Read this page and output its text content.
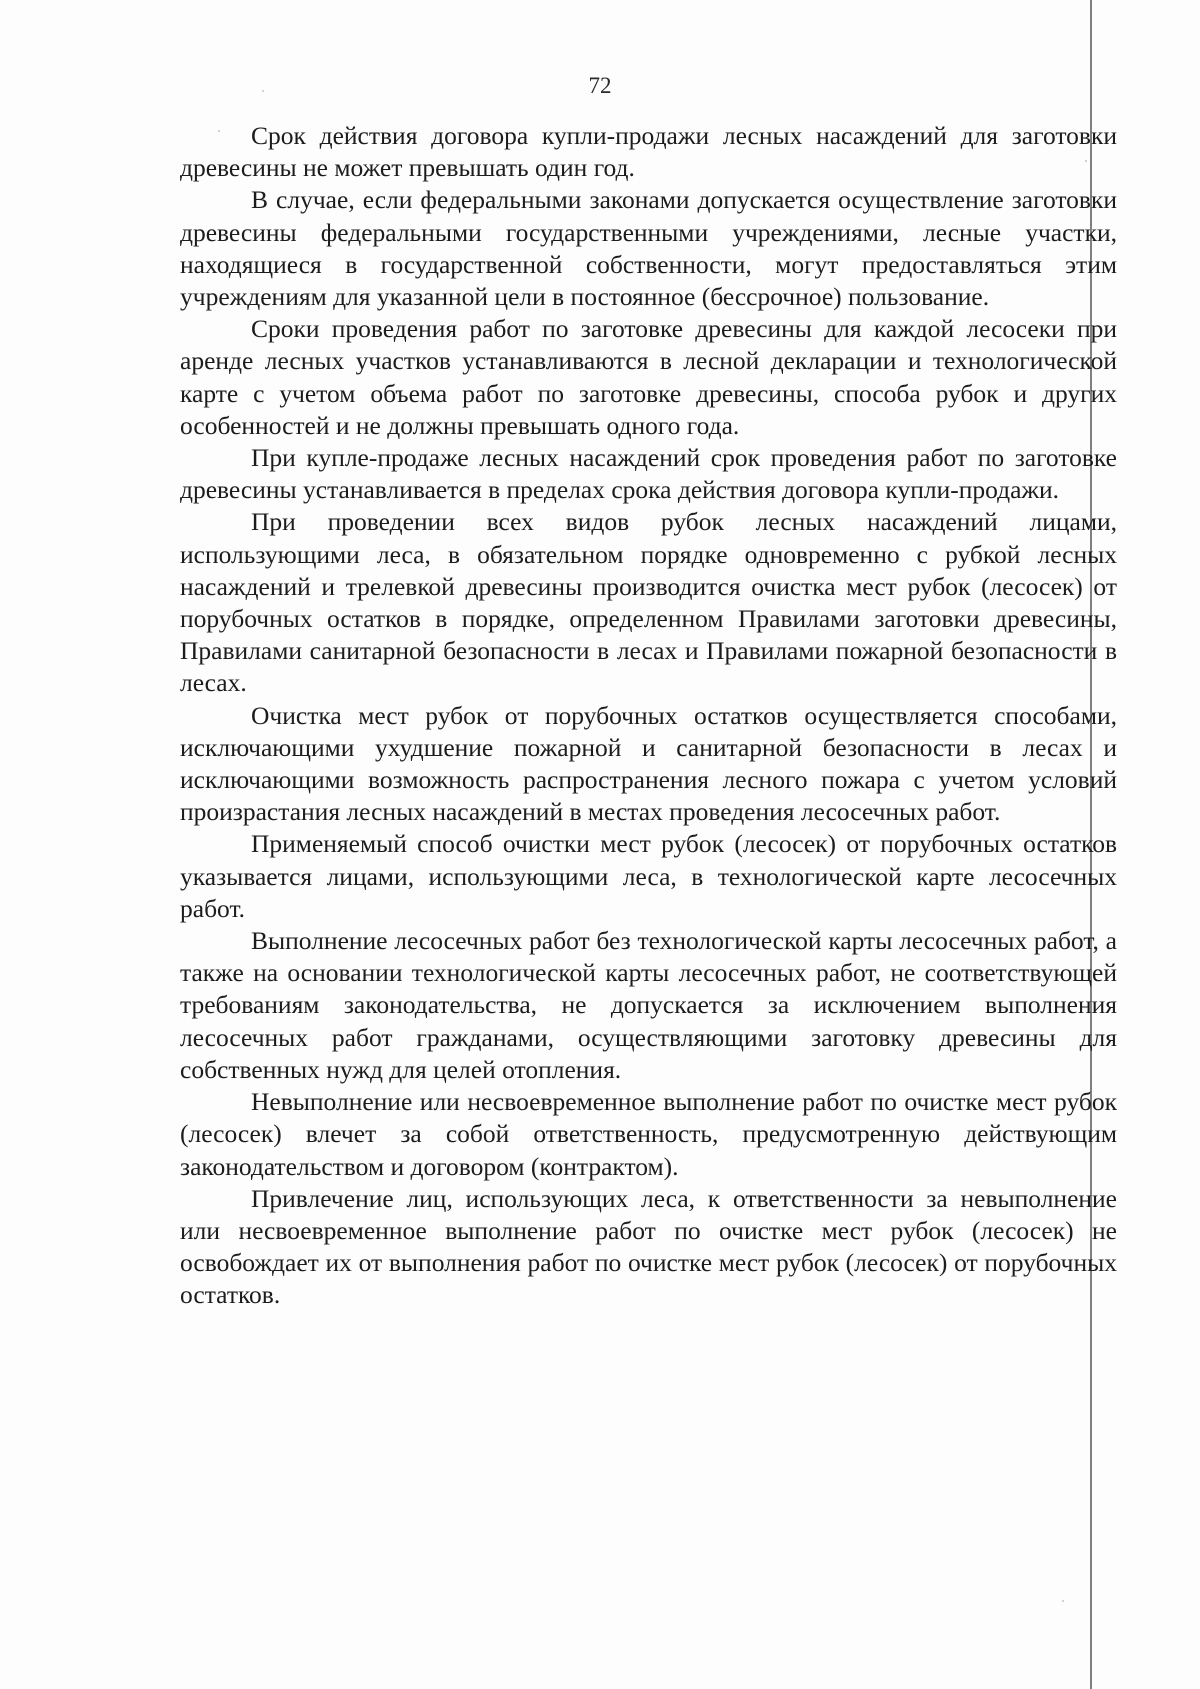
72

Срок действия договора купли-продажи лесных насаждений для заготовки древесины не может превышать один год.

В случае, если федеральными законами допускается осуществление заготовки древесины федеральными государственными учреждениями, лесные участки, находящиеся в государственной собственности, могут предоставляться этим учреждениям для указанной цели в постоянное (бессрочное) пользование.

Сроки проведения работ по заготовке древесины для каждой лесосеки при аренде лесных участков устанавливаются в лесной декларации и технологической карте с учетом объема работ по заготовке древесины, способа рубок и других особенностей и не должны превышать одного года.

При купле-продаже лесных насаждений срок проведения работ по заготовке древесины устанавливается в пределах срока действия договора купли-продажи.

При проведении всех видов рубок лесных насаждений лицами, использующими леса, в обязательном порядке одновременно с рубкой лесных насаждений и трелевкой древесины производится очистка мест рубок (лесосек) от порубочных остатков в порядке, определенном Правилами заготовки древесины, Правилами санитарной безопасности в лесах и Правилами пожарной безопасности в лесах.

Очистка мест рубок от порубочных остатков осуществляется способами, исключающими ухудшение пожарной и санитарной безопасности в лесах и исключающими возможность распространения лесного пожара с учетом условий произрастания лесных насаждений в местах проведения лесосечных работ.

Применяемый способ очистки мест рубок (лесосек) от порубочных остатков указывается лицами, использующими леса, в технологической карте лесосечных работ.

Выполнение лесосечных работ без технологической карты лесосечных работ, а также на основании технологической карты лесосечных работ, не соответствующей требованиям законодательства, не допускается за исключением выполнения лесосечных работ гражданами, осуществляющими заготовку древесины для собственных нужд для целей отопления.

Невыполнение или несвоевременное выполнение работ по очистке мест рубок (лесосек) влечет за собой ответственность, предусмотренную действующим законодательством и договором (контрактом).

Привлечение лиц, использующих леса, к ответственности за невыполнение или несвоевременное выполнение работ по очистке мест рубок (лесосек) не освобождает их от выполнения работ по очистке мест рубок (лесосек) от порубочных остатков.
